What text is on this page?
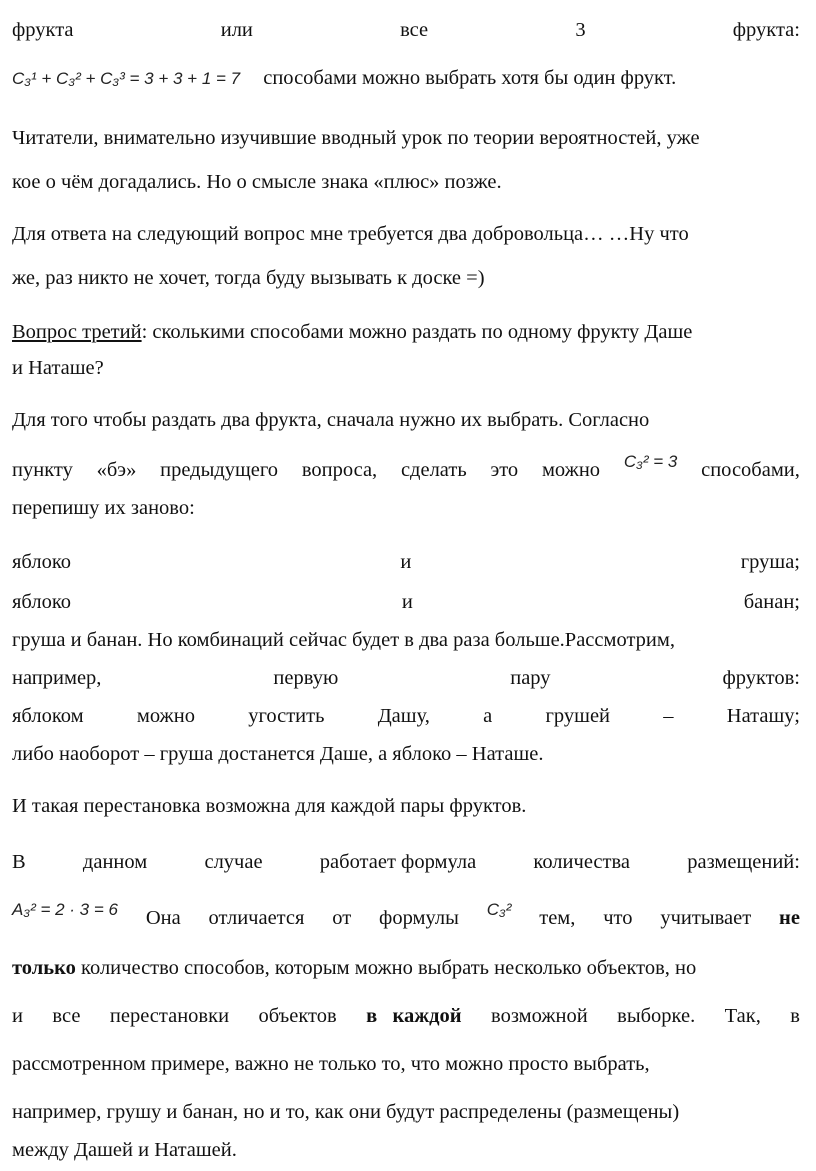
фрукта	или	все	3	фрукта:
C₃¹ + C₃² + C₃³ = 3 + 3 + 1 = 7 способами можно выбрать хотя бы один фрукт.
Читатели, внимательно изучившие вводный урок по теории вероятностей, уже
кое о чём догадались. Но о смысле знака «плюс» позже.
Для ответа на следующий вопрос мне требуется два добровольца… …Ну что
же, раз никто не хочет, тогда буду вызывать к доске =)
Вопрос третий: сколькими способами можно раздать по одному фрукту Даше
и Наташе?
Для того чтобы раздать два фрукта, сначала нужно их выбрать. Согласно
пункту «бэ» предыдущего вопроса, сделать это можно C₃² = 3 способами,
перепишу их заново:
яблоко	и	груша;
яблоко	и	банан;
груша и банан. Но комбинаций сейчас будет в два раза больше.Рассмотрим,
например,	первую	пару	фруктов:
яблоком	можно	угостить	Дашу,	а	грушей	–	Наташу;
либо наоборот – груша достанется Даше, а яблоко – Наташе.
И такая перестановка возможна для каждой пары фруктов.
В	данном	случае	работает формула	количества	размещений:
A₃² = 2 · 3 = 6 Она отличается от формулы C₃² тем, что учитывает не
только количество способов, которым можно выбрать несколько объектов, но
и все перестановки объектов в   каждой возможной выборке. Так, в
рассмотренном примере, важно не только то, что можно просто выбрать,
например, грушу и банан, но и то, как они будут распределены (размещены)
между Дашей и Наташей.
